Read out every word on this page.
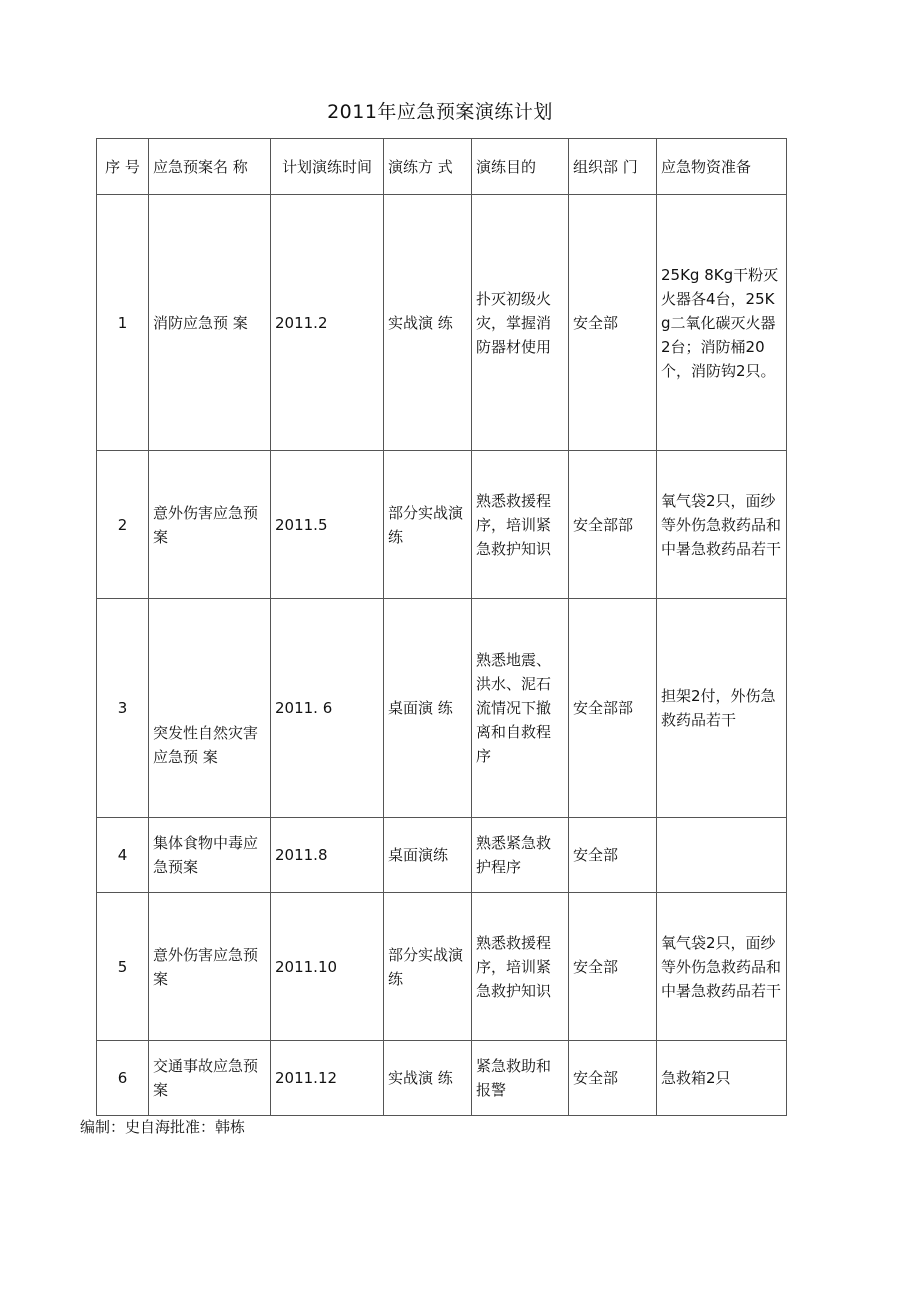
2011年应急预案演练计划
序 号	应急预案名 称	计划演练时间	演练方 式	演练目的	组织部 门	应急物资准备
1	消防应急预 案	2011.2	实战演 练	扑灭初级火灾，掌握消防器材使用	安全部	25Kg 8Kg干粉灭火器各4台，25Kg二氧化碳灭火器2台；消防桶20个，消防钩2只。
2	意外伤害应急预案	2011.5	部分实战演练	熟悉救援程序，培训紧急救护知识	安全部部	氧气袋2只，面纱等外伤急救药品和中暑急救药品若干
3	突发性自然灾害应急预 案	2011. 6	桌面演 练	熟悉地震、洪水、泥石流情况下撤离和自救程序	安全部部	担架2付，外伤急救药品若干
4	集体食物中毒应急预案	2011.8	桌面演练	熟悉紧急救护程序	安全部	
5	意外伤害应急预案	2011.10	部分实战演练	熟悉救援程序，培训紧急救护知识	安全部	氧气袋2只，面纱等外伤急救药品和中暑急救药品若干
6	交通事故应急预案	2011.12	实战演 练	紧急救助和报警	安全部	急救箱2只
编制：史自海批准：韩栋
